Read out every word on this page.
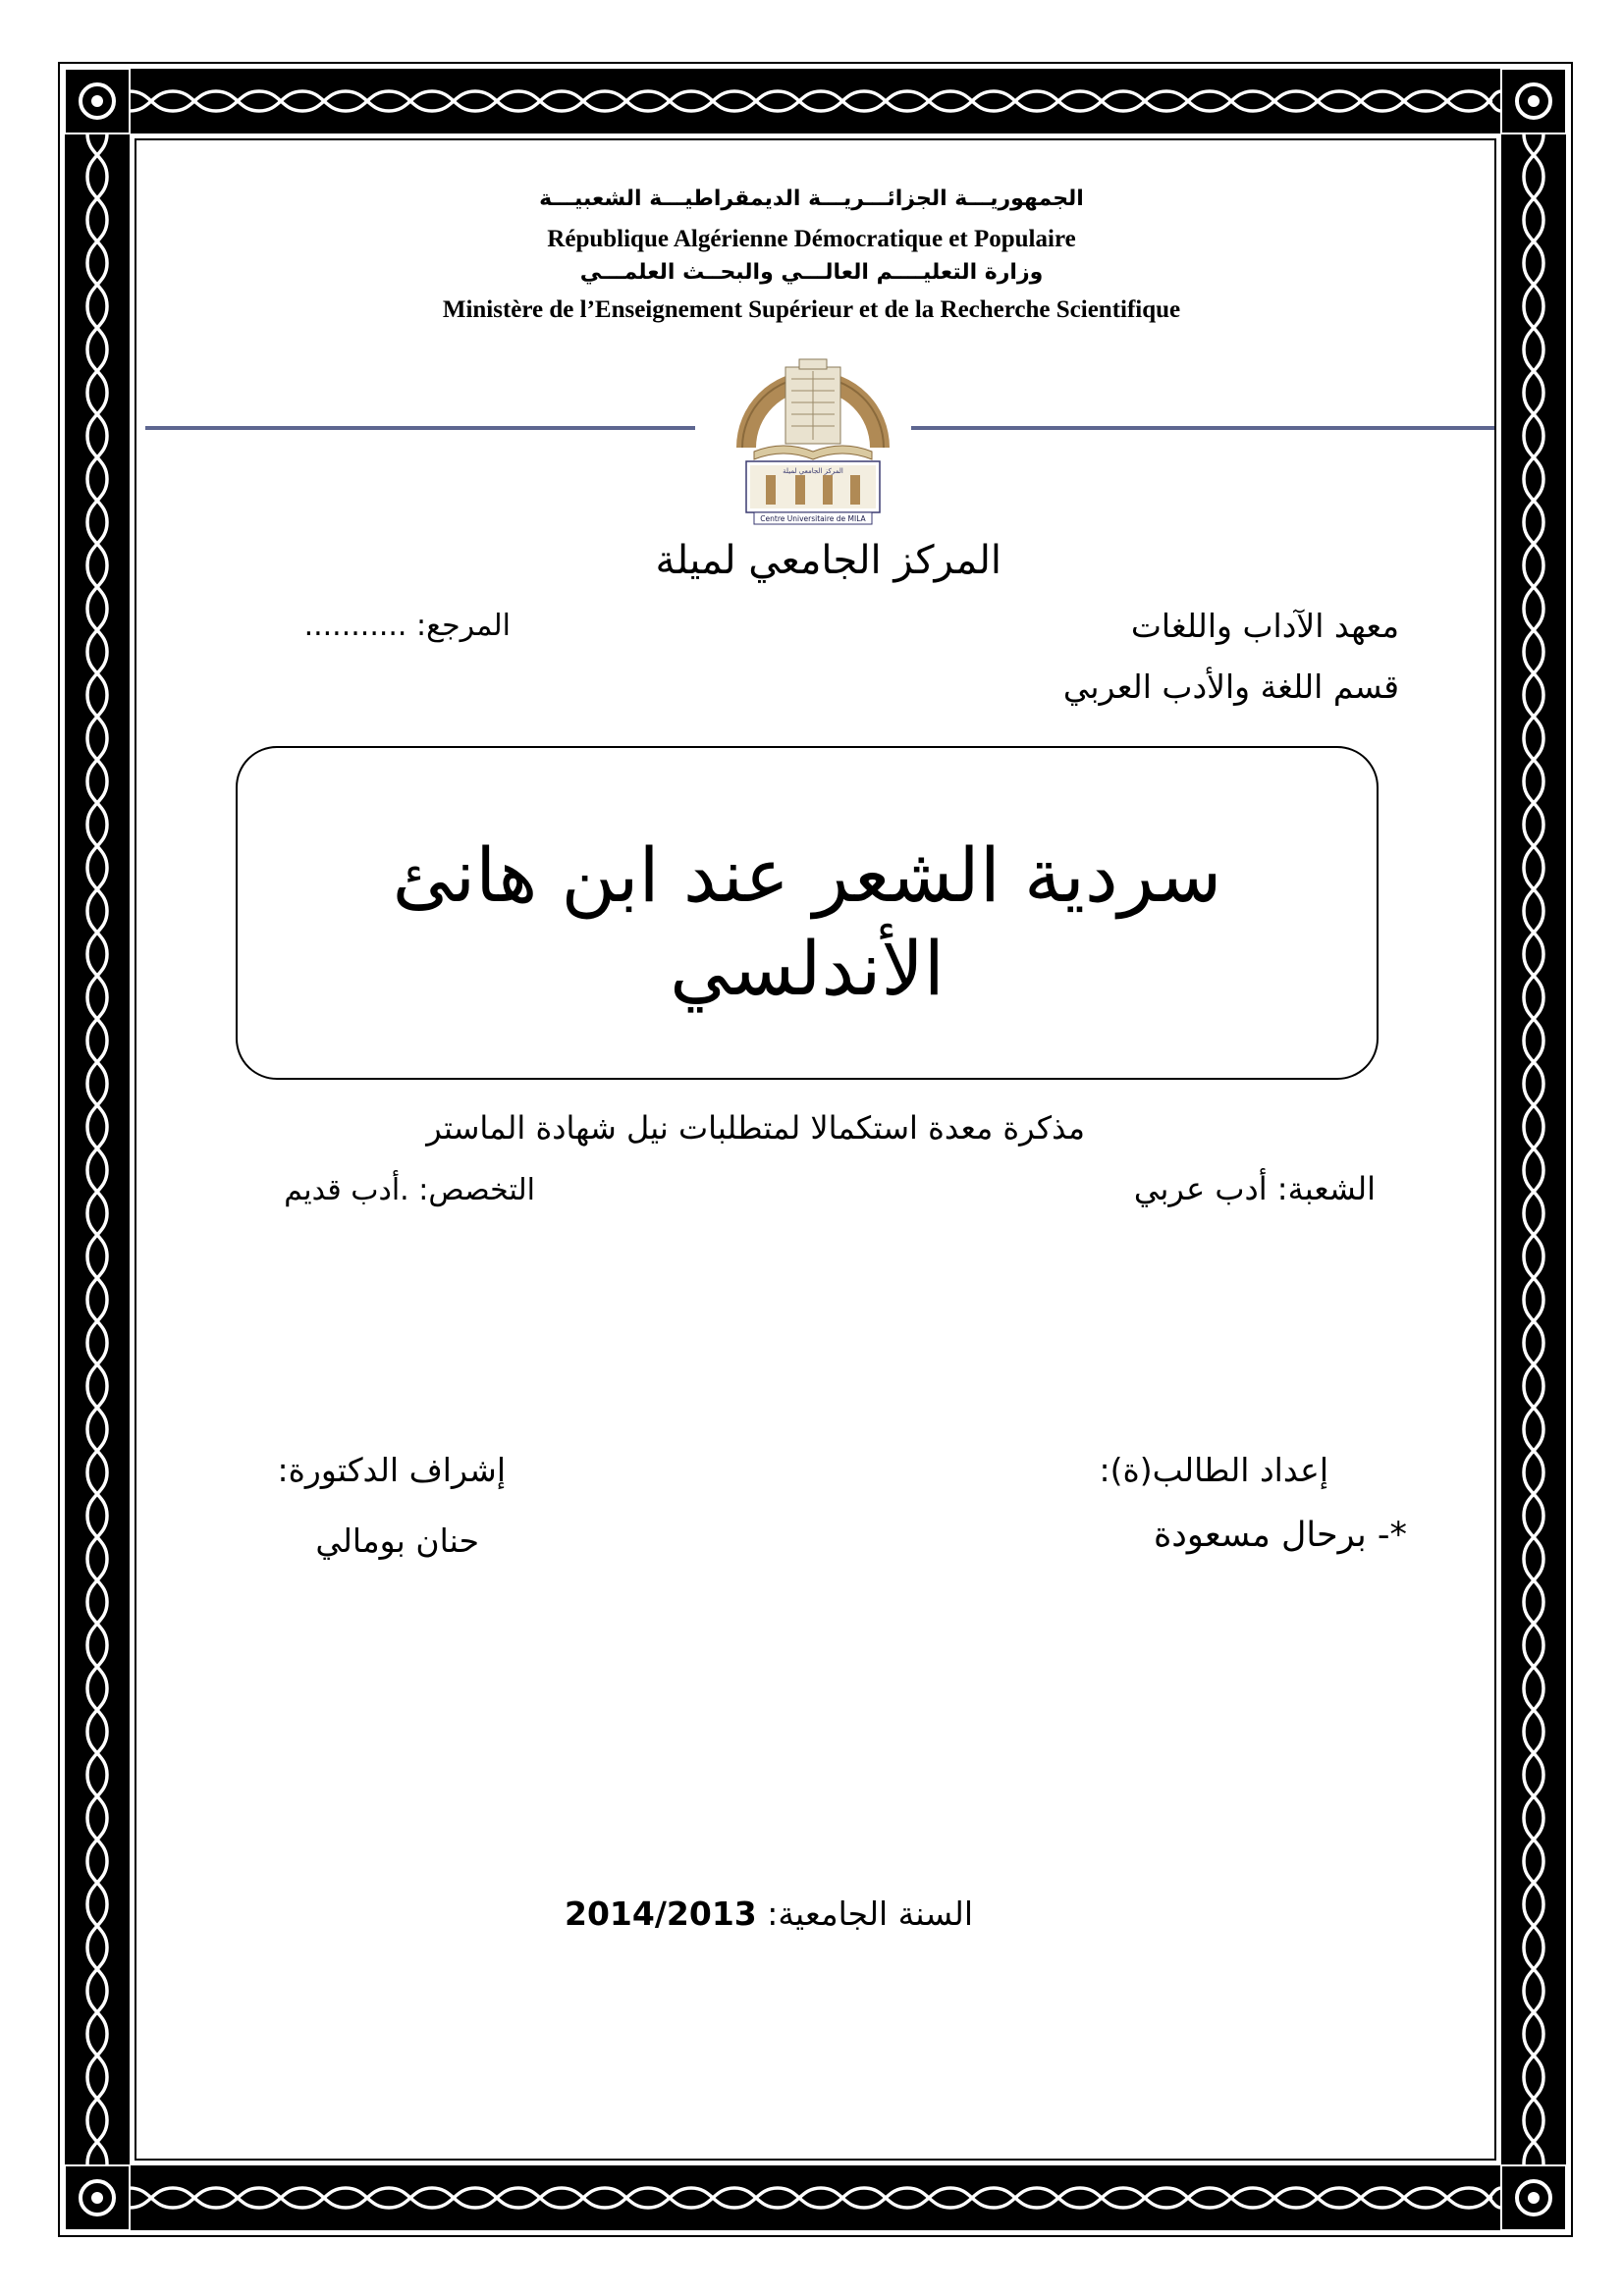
الجمهوريـــة الجزائـــريـــة الديمقراطيـــة الشعبيـــة
République Algérienne Démocratique et Populaire
وزارة التعليــــم العالـــي والبحــث العلمـــي
Ministère de l’Enseignement Supérieur et de la Recherche Scientifique
المركز الجامعي لميلة
Centre Universitaire de MILA
المركز الجامعي لميلة
معهد الآداب واللغات
المرجع: ...........
قسم اللغة والأدب العربي
سردية الشعر عند ابن هانئ
الأندلسي
مذكرة معدة استكمالا لمتطلبات نيل شهادة الماستر
الشعبة: أدب عربي
التخصص: .أدب قديم
إعداد الطالب(ة):
إشراف الدكتورة:
*- برحال مسعودة
حنان بومالي
2014/2013 السنة الجامعية:
